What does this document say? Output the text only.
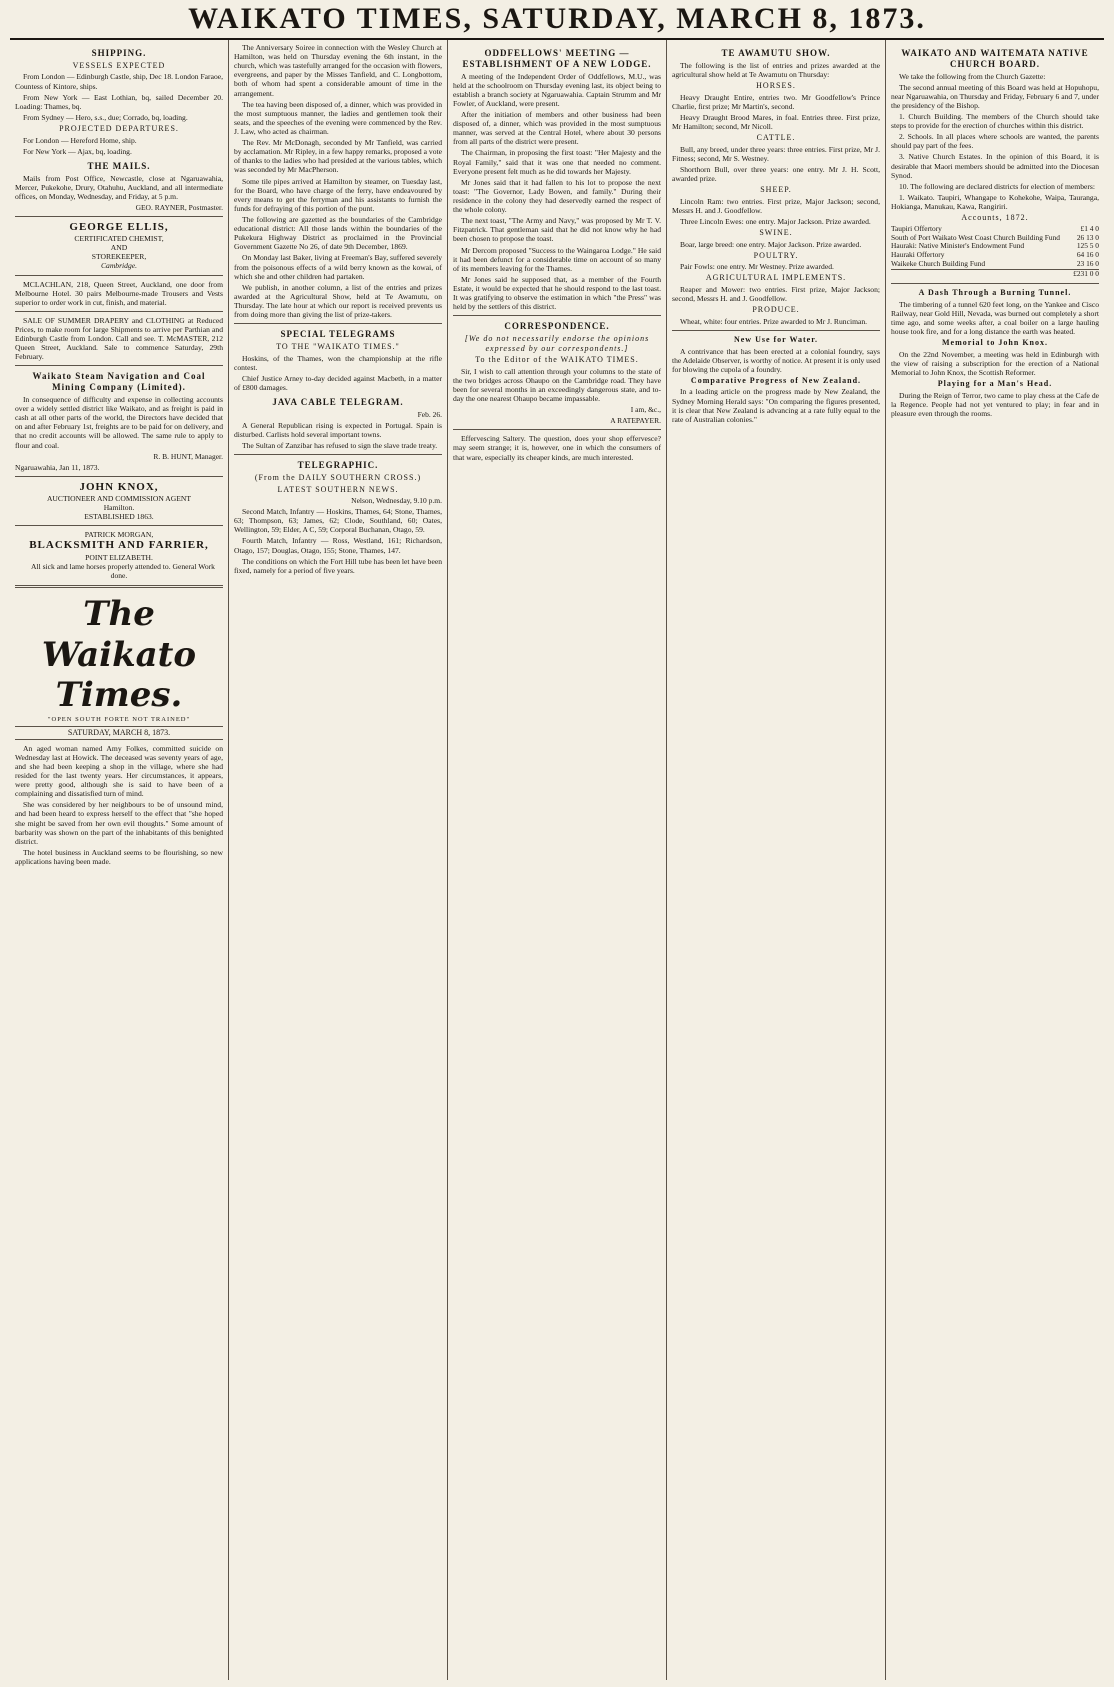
WAIKATO TIMES, SATURDAY, MARCH 8, 1873.
SHIPPING.
VESSELS EXPECTED

From London — Edinburgh Castle, ship, Dec 18. London Faraoe, Countess of Kintore, ships.

From New York — East Lothian, bq, sailed December 20. Loading: Thames, bq.

From Sydney — Hero, s.s., due; Corrado, bq, loading.

PROJECTED DEPARTURES.

For London — Hereford Home, ship.

For New York — Ajax, bq, loading.

THE MAILS.

Mails from Post Office, Newcastle, close at Ngaruawahia, Mercer, Pukekohe, Drury, Otahuhu, Auckland, and all intermediate offices, on Monday, Wednesday, and Friday, at 5 p.m.

GEO. RAYNER, Postmaster.
GEORGE ELLIS,
CERTIFICATED CHEMIST,
AND
STOREKEEPER,
Cambridge.

MCLACHLAN, 218, Queen Street, Auckland, one door from Melbourne Hotel. 30 pairs Melbourne-made Trousers and Vests superior to order work in cut, finish, and material.

SALE OF SUMMER DRAPERY and CLOTHING at Reduced Prices, to make room for large Shipments to arrive per Parthian and Edinburgh Castle from London. Call and see. T. McMASTER, 212 Queen Street, Auckland. Sale to commence Saturday, 29th February.

Waikato Steam Navigation and Coal Mining Company (Limited).

In consequence of difficulty and expense in collecting accounts over a widely settled district like Waikato, and as freight is paid in cash at all other parts of the world, the Directors have decided that on and after February 1st, freights are to be paid for on delivery, and that no credit accounts will be allowed. The same rule to apply to flour and coal.

R. B. HUNT, Manager.
Ngaruawahia, Jan 11, 1873.
JOHN KNOX,
AUCTIONEER AND COMMISSION AGENT
Hamilton.
ESTABLISHED 1863.
PATRICK MORGAN,
BLACKSMITH AND FARRIER,
POINT ELIZABETH.

All sick and lame horses properly attended to. General Work done.

The Waikato Times.
"OPEN SOUTH FORTE NOT TRAINED"
SATURDAY, MARCH 8, 1873.

An aged woman named Amy Folkes, committed suicide on Wednesday last at Howick. The deceased was seventy years of age, and she had been keeping a shop in the village, where she had resided for the last twenty years. Her circumstances, it appears, were pretty good, although she is said to have been of a complaining and dissatisfied turn of mind.

She was considered by her neighbours to be of unsound mind, and had been heard to express herself to the effect that "she hoped she might be saved from her own evil thoughts." Some amount of barbarity was shown on the part of the inhabitants of this benighted district.

The hotel business in Auckland seems to be flourishing, so new applications having been made.

The Anniversary Soiree in connection with the Wesley Church at Hamilton, was held on Thursday evening the 6th instant, in the church, which was tastefully arranged for the occasion with flowers, evergreens, and paper by the Misses Tanfield, and C. Longbottom, both of whom had spent a considerable amount of time in the arrangement.

The tea having been disposed of, a dinner, which was provided in the most sumptuous manner, the ladies and gentlemen took their seats, and the speeches of the evening were commenced by the Rev. J. Law, who acted as chairman.

The Rev. Mr McDonagh, seconded by Mr Tanfield, was carried by acclamation. Mr Ripley, in a few happy remarks, proposed a vote of thanks to the ladies who had presided at the various tables, which was seconded by Mr MacPherson.

Some tile pipes arrived at Hamilton by steamer, on Tuesday last, for the Board, who have charge of the ferry, have endeavoured by every means to get the ferryman and his assistants to furnish the funds for defraying of this portion of the punt.

The following are gazetted as the boundaries of the Cambridge educational district: All those lands within the boundaries of the Pukekura Highway District as proclaimed in the Provincial Government Gazette No 26, of date 9th December, 1869.

On Monday last Baker, living at Freeman's Bay, suffered severely from the poisonous effects of a wild berry known as the kowai, of which she and other children had partaken.

We publish, in another column, a list of the entries and prizes awarded at the Agricultural Show, held at Te Awamutu, on Thursday. The late hour at which our report is received prevents us from doing more than giving the list of prize-takers.

SPECIAL TELEGRAMS
TO THE "WAIKATO TIMES."

Hoskins, of the Thames, won the championship at the rifle contest.

Chief Justice Arney to-day decided against Macbeth, in a matter of £800 damages.

JAVA CABLE TELEGRAM.
Feb. 26.

A General Republican rising is expected in Portugal. Spain is disturbed. Carlists hold several important towns.

The Sultan of Zanzibar has refused to sign the slave trade treaty.

TELEGRAPHIC.
(From the DAILY SOUTHERN CROSS.)
LATEST SOUTHERN NEWS.
Nelson, Wednesday, 9.10 p.m.

Second Match, Infantry — Hoskins, Thames, 64; Stone, Thames, 63; Thompson, 63; James, 62; Clode, Southland, 60; Oates, Wellington, 59; Elder, A C, 59; Corporal Buchanan, Otago, 59.

Fourth Match, Infantry — Ross, Westland, 161; Richardson, Otago, 157; Douglas, Otago, 155; Stone, Thames, 147.

The conditions on which the Fort Hill tube has been let have been fixed, namely for a period of five years.

ODDFELLOWS' MEETING — ESTABLISHMENT OF A NEW LODGE.

A meeting of the Independent Order of Oddfellows, M.U., was held at the schoolroom on Thursday evening last, its object being to establish a branch society at Ngaruawahia. Captain Strumm and Mr Fowler, of Auckland, were present.

After the initiation of members and other business had been disposed of, a dinner, which was provided in the most sumptuous manner, was served at the Central Hotel, where about 30 persons from all parts of the district were present.

The Chairman, in proposing the first toast: "Her Majesty and the Royal Family," said that it was one that needed no comment. Everyone present felt much as he did towards her Majesty.

Mr Jones said that it had fallen to his lot to propose the next toast: "The Governor, Lady Bowen, and family." During their residence in the colony they had deservedly earned the respect of the whole colony.

The next toast, "The Army and Navy," was proposed by Mr T. V. Fitzpatrick. That gentleman said that he did not know why he had been chosen to propose the toast.

Mr Dercom proposed "Success to the Waingaroa Lodge." He said it had been defunct for a considerable time on account of so many of its members leaving for the Thames.

Mr Jones said he supposed that, as a member of the Fourth Estate, it would be expected that he should respond to the last toast. It was gratifying to observe the estimation in which "the Press" was held by the settlers of this district.

CORRESPONDENCE.
[We do not necessarily endorse the opinions expressed by our correspondents.]
To the Editor of the WAIKATO TIMES.

Sir, I wish to call attention through your columns to the state of the two bridges across Ohaupo on the Cambridge road. They have been for several months in an exceedingly dangerous state, and to-day the one nearest Ohaupo became impassable.

I am, &c.,
A RATEPAYER.

Effervescing Saltery. The question, does your shop effervesce? may seem strange; it is, however, one in which the consumers of that ware, especially its cheaper kinds, are much interested.

TE AWAMUTU SHOW.

The following is the list of entries and prizes awarded at the agricultural show held at Te Awamutu on Thursday:

HORSES.

Heavy Draught Entire, entries two. Mr Goodfellow's Prince Charlie, first prize; Mr Martin's, second.

Heavy Draught Brood Mares, in foal. Entries three. First prize, Mr Hamilton; second, Mr Nicoll.

CATTLE.

Bull, any breed, under three years: three entries. First prize, Mr J. Fitness; second, Mr S. Westney.

Shorthorn Bull, over three years: one entry. Mr J. H. Scott, awarded prize.

SHEEP.

Lincoln Ram: two entries. First prize, Major Jackson; second, Messrs H. and J. Goodfellow.

Three Lincoln Ewes: one entry. Major Jackson. Prize awarded.

SWINE.

Boar, large breed: one entry. Major Jackson. Prize awarded.

POULTRY.

Pair Fowls: one entry. Mr Westney. Prize awarded.

AGRICULTURAL IMPLEMENTS.

Reaper and Mower: two entries. First prize, Major Jackson; second, Messrs H. and J. Goodfellow.

PRODUCE.

Wheat, white: four entries. Prize awarded to Mr J. Runciman.

New Use for Water.

A contrivance that has been erected at a colonial foundry, says the Adelaide Observer, is worthy of notice. At present it is only used for blowing the cupola of a foundry.

Comparative Progress of New Zealand.

In a leading article on the progress made by New Zealand, the Sydney Morning Herald says: "On comparing the figures presented, it is clear that New Zealand is advancing at a rate fully equal to the rate of Australian colonies."

WAIKATO AND WAITEMATA NATIVE CHURCH BOARD.

We take the following from the Church Gazette:

The second annual meeting of this Board was held at Hopuhopu, near Ngaruawahia, on Thursday and Friday, February 6 and 7, under the presidency of the Bishop.

1. Church Building. The members of the Church should take steps to provide for the erection of churches within this district.

2. Schools. In all places where schools are wanted, the parents should pay part of the fees.

3. Native Church Estates. In the opinion of this Board, it is desirable that Maori members should be admitted into the Diocesan Synod.

10. The following are declared districts for election of members:

1. Waikato. Taupiri, Whangape to Kohekohe, Waipa, Tauranga, Hokianga, Manukau, Kawa, Rangiriri.

Accounts, 1872.
Taupiri Offertory	£1 4 0
South of Port Waikato West Coast Church Building Fund 26 13 0
Hauraki: Native Minister's Endowment Fund	125 5 0
Hauraki Offertory	64 16 0
Waikeke Church Building Fund	23 16 0
£231 0 0
A Dash Through a Burning Tunnel.

The timbering of a tunnel 620 feet long, on the Yankee and Cisco Railway, near Gold Hill, Nevada, was burned out completely a short time ago, and some weeks after, a coal boiler on a large hauling house took fire, and for a long distance the earth was heated.

Memorial to John Knox.

On the 22nd November, a meeting was held in Edinburgh with the view of raising a subscription for the erection of a National Memorial to John Knox, the Scottish Reformer.

Playing for a Man's Head.

During the Reign of Terror, two came to play chess at the Cafe de la Regence. People had not yet ventured to play; in fear and in pleasure even through the rooms.
